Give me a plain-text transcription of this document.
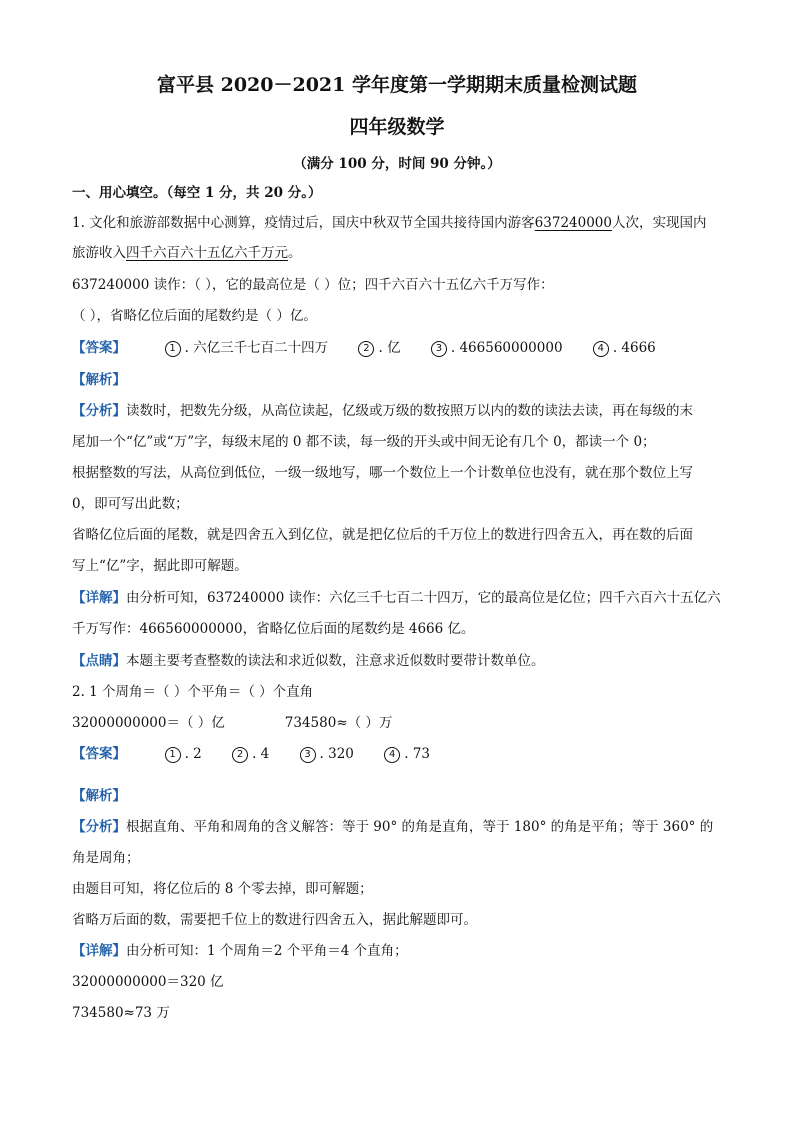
富平县 2020－2021 学年度第一学期期末质量检测试题
四年级数学
（满分 100 分，时间 90 分钟。）
一、用心填空。（每空 1 分，共 20 分。）
1. 文化和旅游部数据中心测算，疫情过后，国庆中秋双节全国共接待国内游客637240000人次，实现国内
旅游收入四千六百六十五亿六千万元。
637240000 读作：（ ），它的最高位是（ ）位；四千六百六十五亿六千万写作：
（ ），省略亿位后面的尾数约是（ ）亿。
【答案】	1 . 六亿三千七百二十四万	2 . 亿	3 . 466560000000	4 . 4666
【解析】
【分析】读数时，把数先分级，从高位读起，亿级或万级的数按照万以内的数的读法去读，再在每级的末
尾加一个“亿”或“万”字，每级末尾的 0 都不读，每一级的开头或中间无论有几个 0，都读一个 0；
根据整数的写法，从高位到低位，一级一级地写，哪一个数位上一个计数单位也没有，就在那个数位上写
0，即可写出此数；
省略亿位后面的尾数，就是四舍五入到亿位，就是把亿位后的千万位上的数进行四舍五入，再在数的后面
写上“亿”字，据此即可解题。
【详解】由分析可知，637240000 读作：六亿三千七百二十四万，它的最高位是亿位；四千六百六十五亿六
千万写作：466560000000，省略亿位后面的尾数约是 4666 亿。
【点睛】本题主要考查整数的读法和求近似数，注意求近似数时要带计数单位。
2. 1 个周角＝（ ）个平角＝（ ）个直角
32000000000＝（ ）亿	734580≈（ ）万
【答案】	1 . 2	2 . 4	3 . 320	4 . 73
【解析】
【分析】根据直角、平角和周角的含义解答：等于 90° 的角是直角，等于 180° 的角是平角；等于 360° 的
角是周角；
由题目可知，将亿位后的 8 个零去掉，即可解题；
省略万后面的数，需要把千位上的数进行四舍五入，据此解题即可。
【详解】由分析可知：1 个周角＝2 个平角＝4 个直角；
32000000000＝320 亿
734580≈73 万
